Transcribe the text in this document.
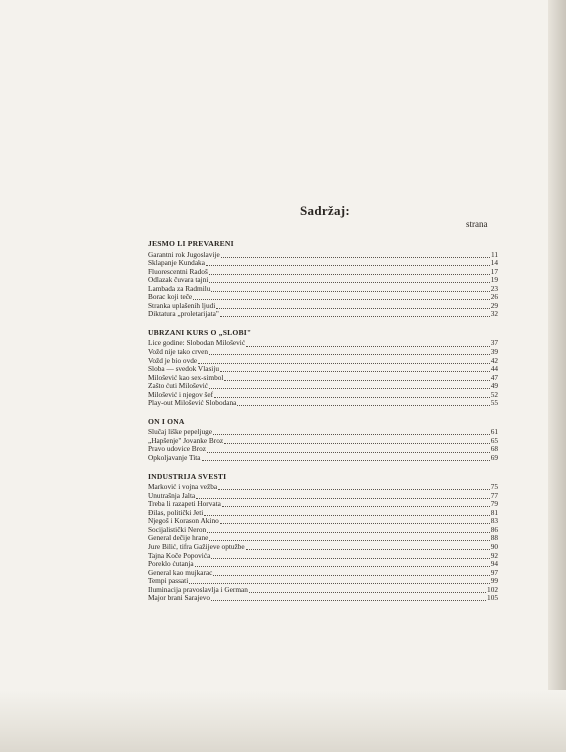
Sadržaj:
strana
JESMO LI PREVARENI
Garantni rok Jugoslavije	11
Sklapanje Kundaka	14
Fluorescentni Radoš	17
Odlazak čuvara tajni	19
Lambada za Radmilu	23
Borac koji teče	26
Stranka uplašenih ljudi	29
Diktatura „proletarijata"	32
UBRZANI KURS O „SLOBI"
Lice godine: Slobodan Milošević	37
Vožd nije tako crven	39
Vožd je bio ovde	42
Sloba — svedok Vlasiju	44
Milošević kao sex-simbol	47
Zašto ćuti Milošević	49
Milošević i njegov šef	52
Play-out Milošević Slobodana	55
ON I ONA
Slučaj liške pepeljuge	61
„Hapšenje" Jovanke Broz	65
Pravo udovice Broz	68
Opkoljavanje Tita	69
INDUSTRIJA SVESTI
Marković i vojna vežba	75
Unutrašnja Jalta	77
Treba li razapeti Horvata	79
Đilas, politički Jeti	81
Njegoš i Korason Akino	83
Socijalistički Neron	86
General dečije hrane	88
Jure Bilić, tifra Gažijeve optužbe	90
Tajna Koče Popovića	92
Poreklo ćutanja	94
General kao mujkarac	97
Tempi passati	99
Iluminacija pravoslavlja i German	102
Major brani Sarajevo	105
